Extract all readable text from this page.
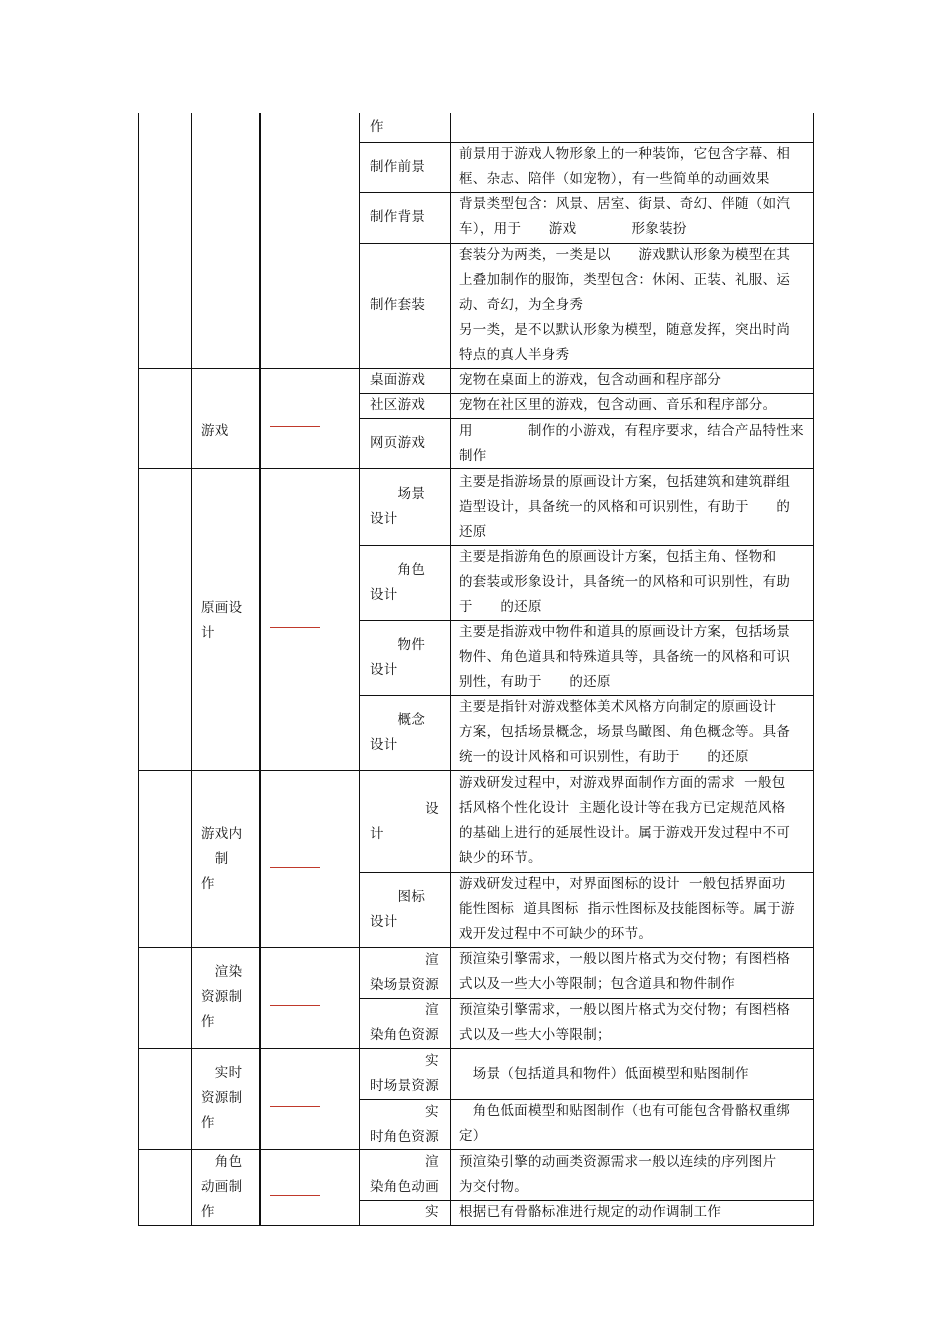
作
制作前景
前景用于游戏人物形象上的一种装饰，它包含字幕、相
框、杂志、陪伴（如宠物），有一些简单的动画效果
制作背景
背景类型包含：风景、居室、街景、奇幻、伴随（如汽
车），用于      游戏            形象装扮
制作套装
套装分为两类，一类是以      游戏默认形象为模型在其
上叠加制作的服饰，类型包含：休闲、正装、礼服、运
动、奇幻，为全身秀
另一类，是不以默认形象为模型，随意发挥，突出时尚
特点的真人半身秀
桌面游戏	宠物在桌面上的游戏，包含动画和程序部分
社区游戏	宠物在社区里的游戏，包含动画、音乐和程序部分。
网页游戏
用            制作的小游戏，有程序要求，结合产品特性来
制作
场景
设计
主要是指游场景的原画设计方案，包括建筑和建筑群组
造型设计，具备统一的风格和可识别性，有助于      的
还原
角色
设计
主要是指游角色的原画设计方案，包括主角、怪物和
的套装或形象设计，具备统一的风格和可识别性，有助
于      的还原
物件
设计
主要是指游戏中物件和道具的原画设计方案，包括场景
物件、角色道具和特殊道具等，具备统一的风格和可识
别性，有助于      的还原
概念
设计
主要是指针对游戏整体美术风格方向制定的原画设计
方案，包括场景概念，场景鸟瞰图、角色概念等。具备
统一的设计风格和可识别性，有助于      的还原
设
计
游戏研发过程中，对游戏界面制作方面的需求  一般包
括风格个性化设计  主题化设计等在我方已定规范风格
的基础上进行的延展性设计。属于游戏开发过程中不可
缺少的环节。
图标
设计
游戏研发过程中，对界面图标的设计  一般包括界面功
能性图标  道具图标  指示性图标及技能图标等。属于游
戏开发过程中不可缺少的环节。
渲
染场景资源
预渲染引擎需求，一般以图片格式为交付物；有图档格
式以及一些大小等限制；包含道具和物件制作
渲
染角色资源
预渲染引擎需求，一般以图片格式为交付物；有图档格
式以及一些大小等限制；
实
时场景资源
场景（包括道具和物件）低面模型和贴图制作
实
时角色资源
角色低面模型和贴图制作（也有可能包含骨骼权重绑
定）
渲
染角色动画
预渲染引擎的动画类资源需求一般以连续的序列图片
为交付物。
实 根据已有骨骼标准进行规定的动作调制工作
游戏
原画设
计
游戏内
制
作
渲染
资源制
作
实时
资源制
作
角色
动画制
作
